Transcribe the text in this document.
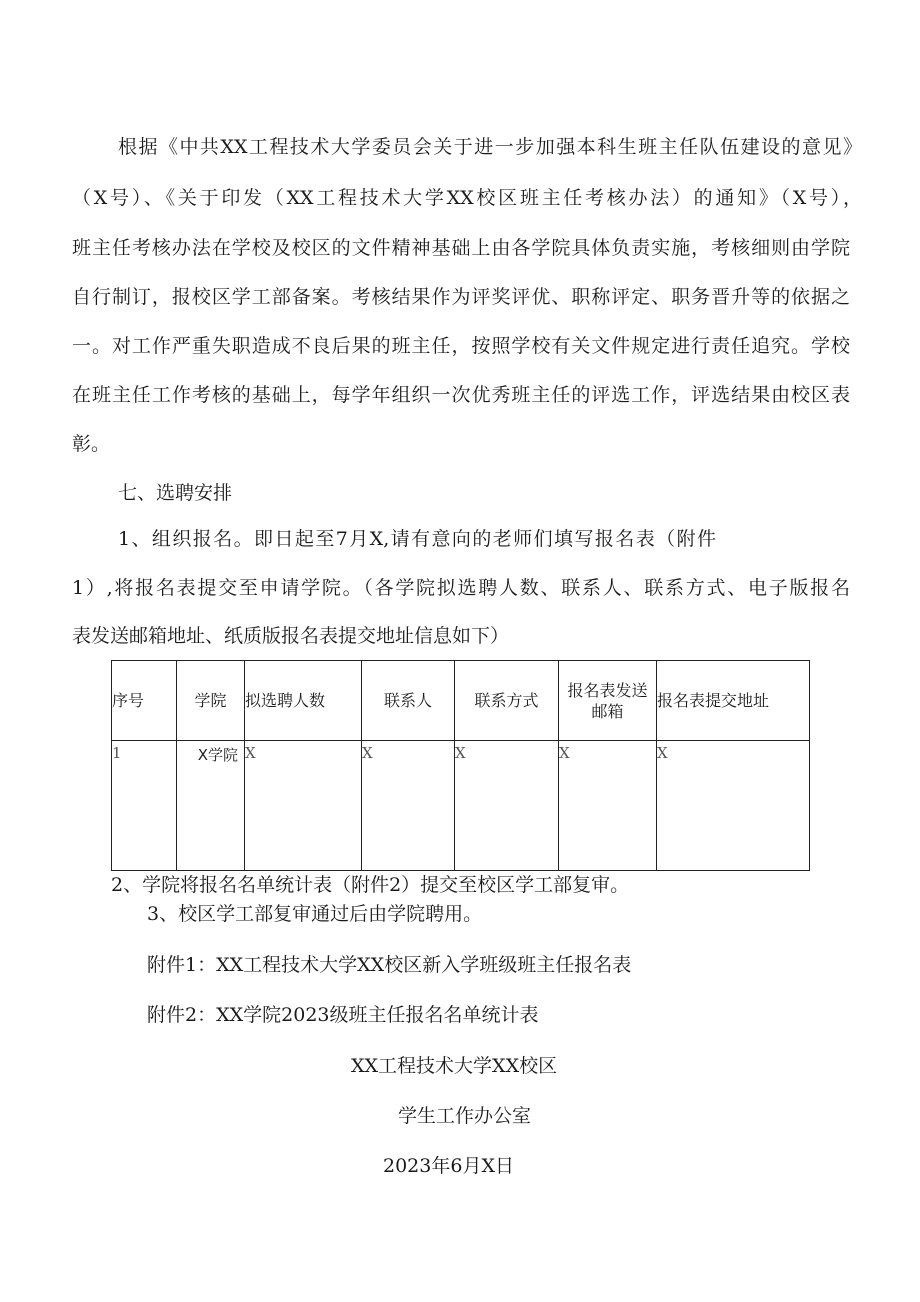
根据《中共XX工程技术大学委员会关于进一步加强本科生班主任队伍建设的意见》

（X号）、《关于印发（XX工程技术大学XX校区班主任考核办法）的通知》（X号），

班主任考核办法在学校及校区的文件精神基础上由各学院具体负责实施，考核细则由学院

自行制订，报校区学工部备案。考核结果作为评奖评优、职称评定、职务晋升等的依据之

一。对工作严重失职造成不良后果的班主任，按照学校有关文件规定进行责任追究。学校

在班主任工作考核的基础上，每学年组织一次优秀班主任的评选工作，评选结果由校区表

彰。

七、选聘安排

1、组织报名。即日起至7月X,请有意向的老师们填写报名表（附件

1）,将报名表提交至申请学院。（各学院拟选聘人数、联系人、联系方式、电子版报名

表发送邮箱地址、纸质版报名表提交地址信息如下）

序号	学院	拟选聘人数	联系人	联系方式	报名表发送
邮箱	报名表提交地址
1	X学院	X	X	X	X	X

2、学院将报名名单统计表（附件2）提交至校区学工部复审。

3、校区学工部复审通过后由学院聘用。

附件1：XX工程技术大学XX校区新入学班级班主任报名表

附件2：XX学院2023级班主任报名名单统计表

XX工程技术大学XX校区

学生工作办公室

2023年6月X日
